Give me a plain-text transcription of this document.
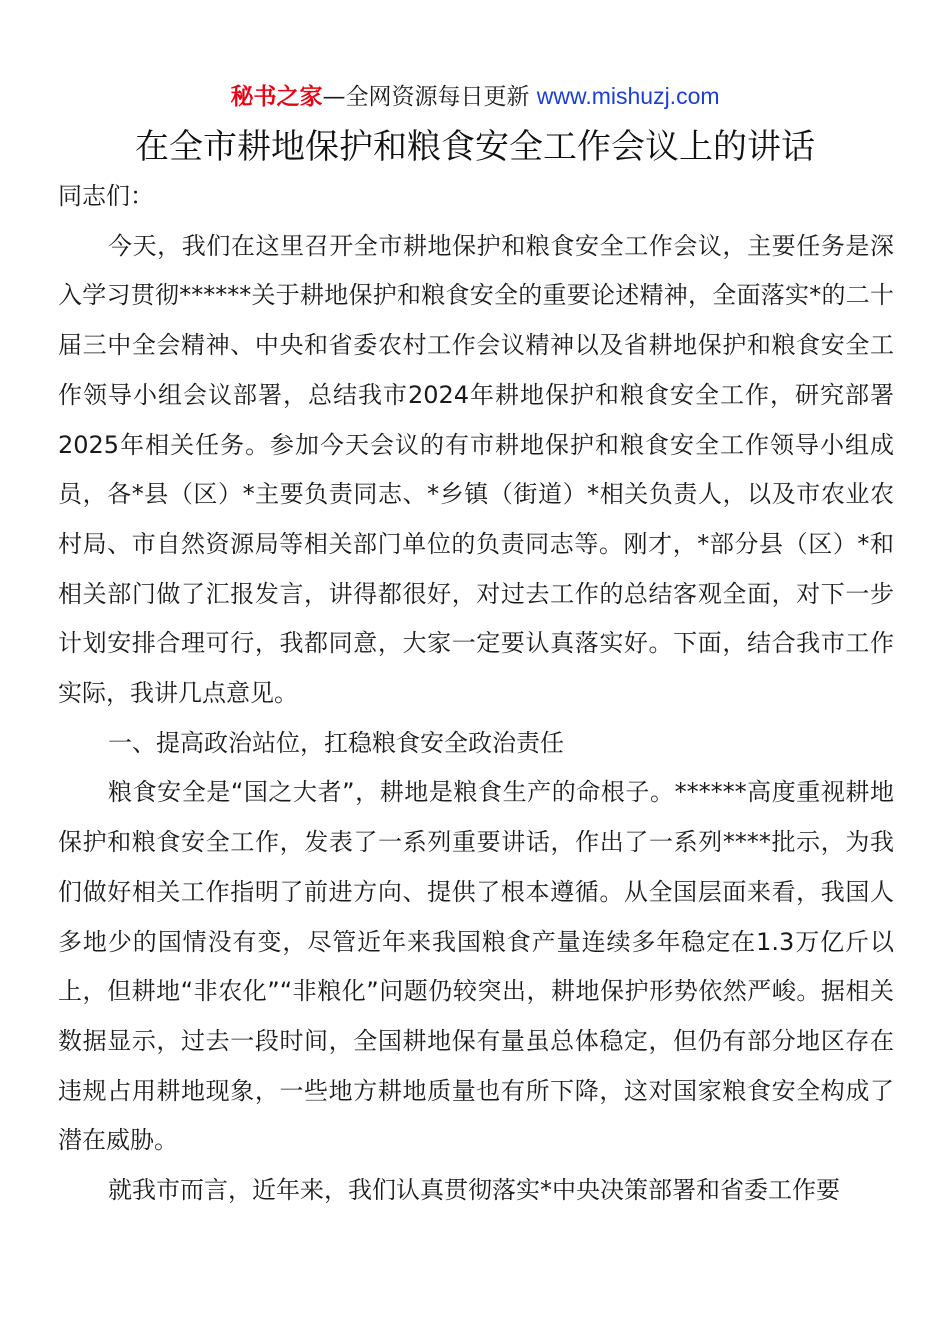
秘书之家—全网资源每日更新 www.mishuzj.com
在全市耕地保护和粮食安全工作会议上的讲话

同志们：

今天，我们在这里召开全市耕地保护和粮食安全工作会议，主要任务是深入学习贯彻******关于耕地保护和粮食安全的重要论述精神，全面落实*的二十届三中全会精神、中央和省委农村工作会议精神以及省耕地保护和粮食安全工作领导小组会议部署，总结我市2024年耕地保护和粮食安全工作，研究部署2025年相关任务。参加今天会议的有市耕地保护和粮食安全工作领导小组成员，各*县（区）*主要负责同志、*乡镇（街道）*相关负责人，以及市农业农村局、市自然资源局等相关部门单位的负责同志等。刚才，*部分县（区）*和相关部门做了汇报发言，讲得都很好，对过去工作的总结客观全面，对下一步计划安排合理可行，我都同意，大家一定要认真落实好。下面，结合我市工作实际，我讲几点意见。

一、提高政治站位，扛稳粮食安全政治责任

粮食安全是“国之大者”，耕地是粮食生产的命根子。******高度重视耕地保护和粮食安全工作，发表了一系列重要讲话，作出了一系列****批示，为我们做好相关工作指明了前进方向、提供了根本遵循。从全国层面来看，我国人多地少的国情没有变，尽管近年来我国粮食产量连续多年稳定在1.3万亿斤以上，但耕地“非农化”“非粮化”问题仍较突出，耕地保护形势依然严峻。据相关数据显示，过去一段时间，全国耕地保有量虽总体稳定，但仍有部分地区存在违规占用耕地现象，一些地方耕地质量也有所下降，这对国家粮食安全构成了潜在威胁。

就我市而言，近年来，我们认真贯彻落实*中央决策部署和省委工作要
